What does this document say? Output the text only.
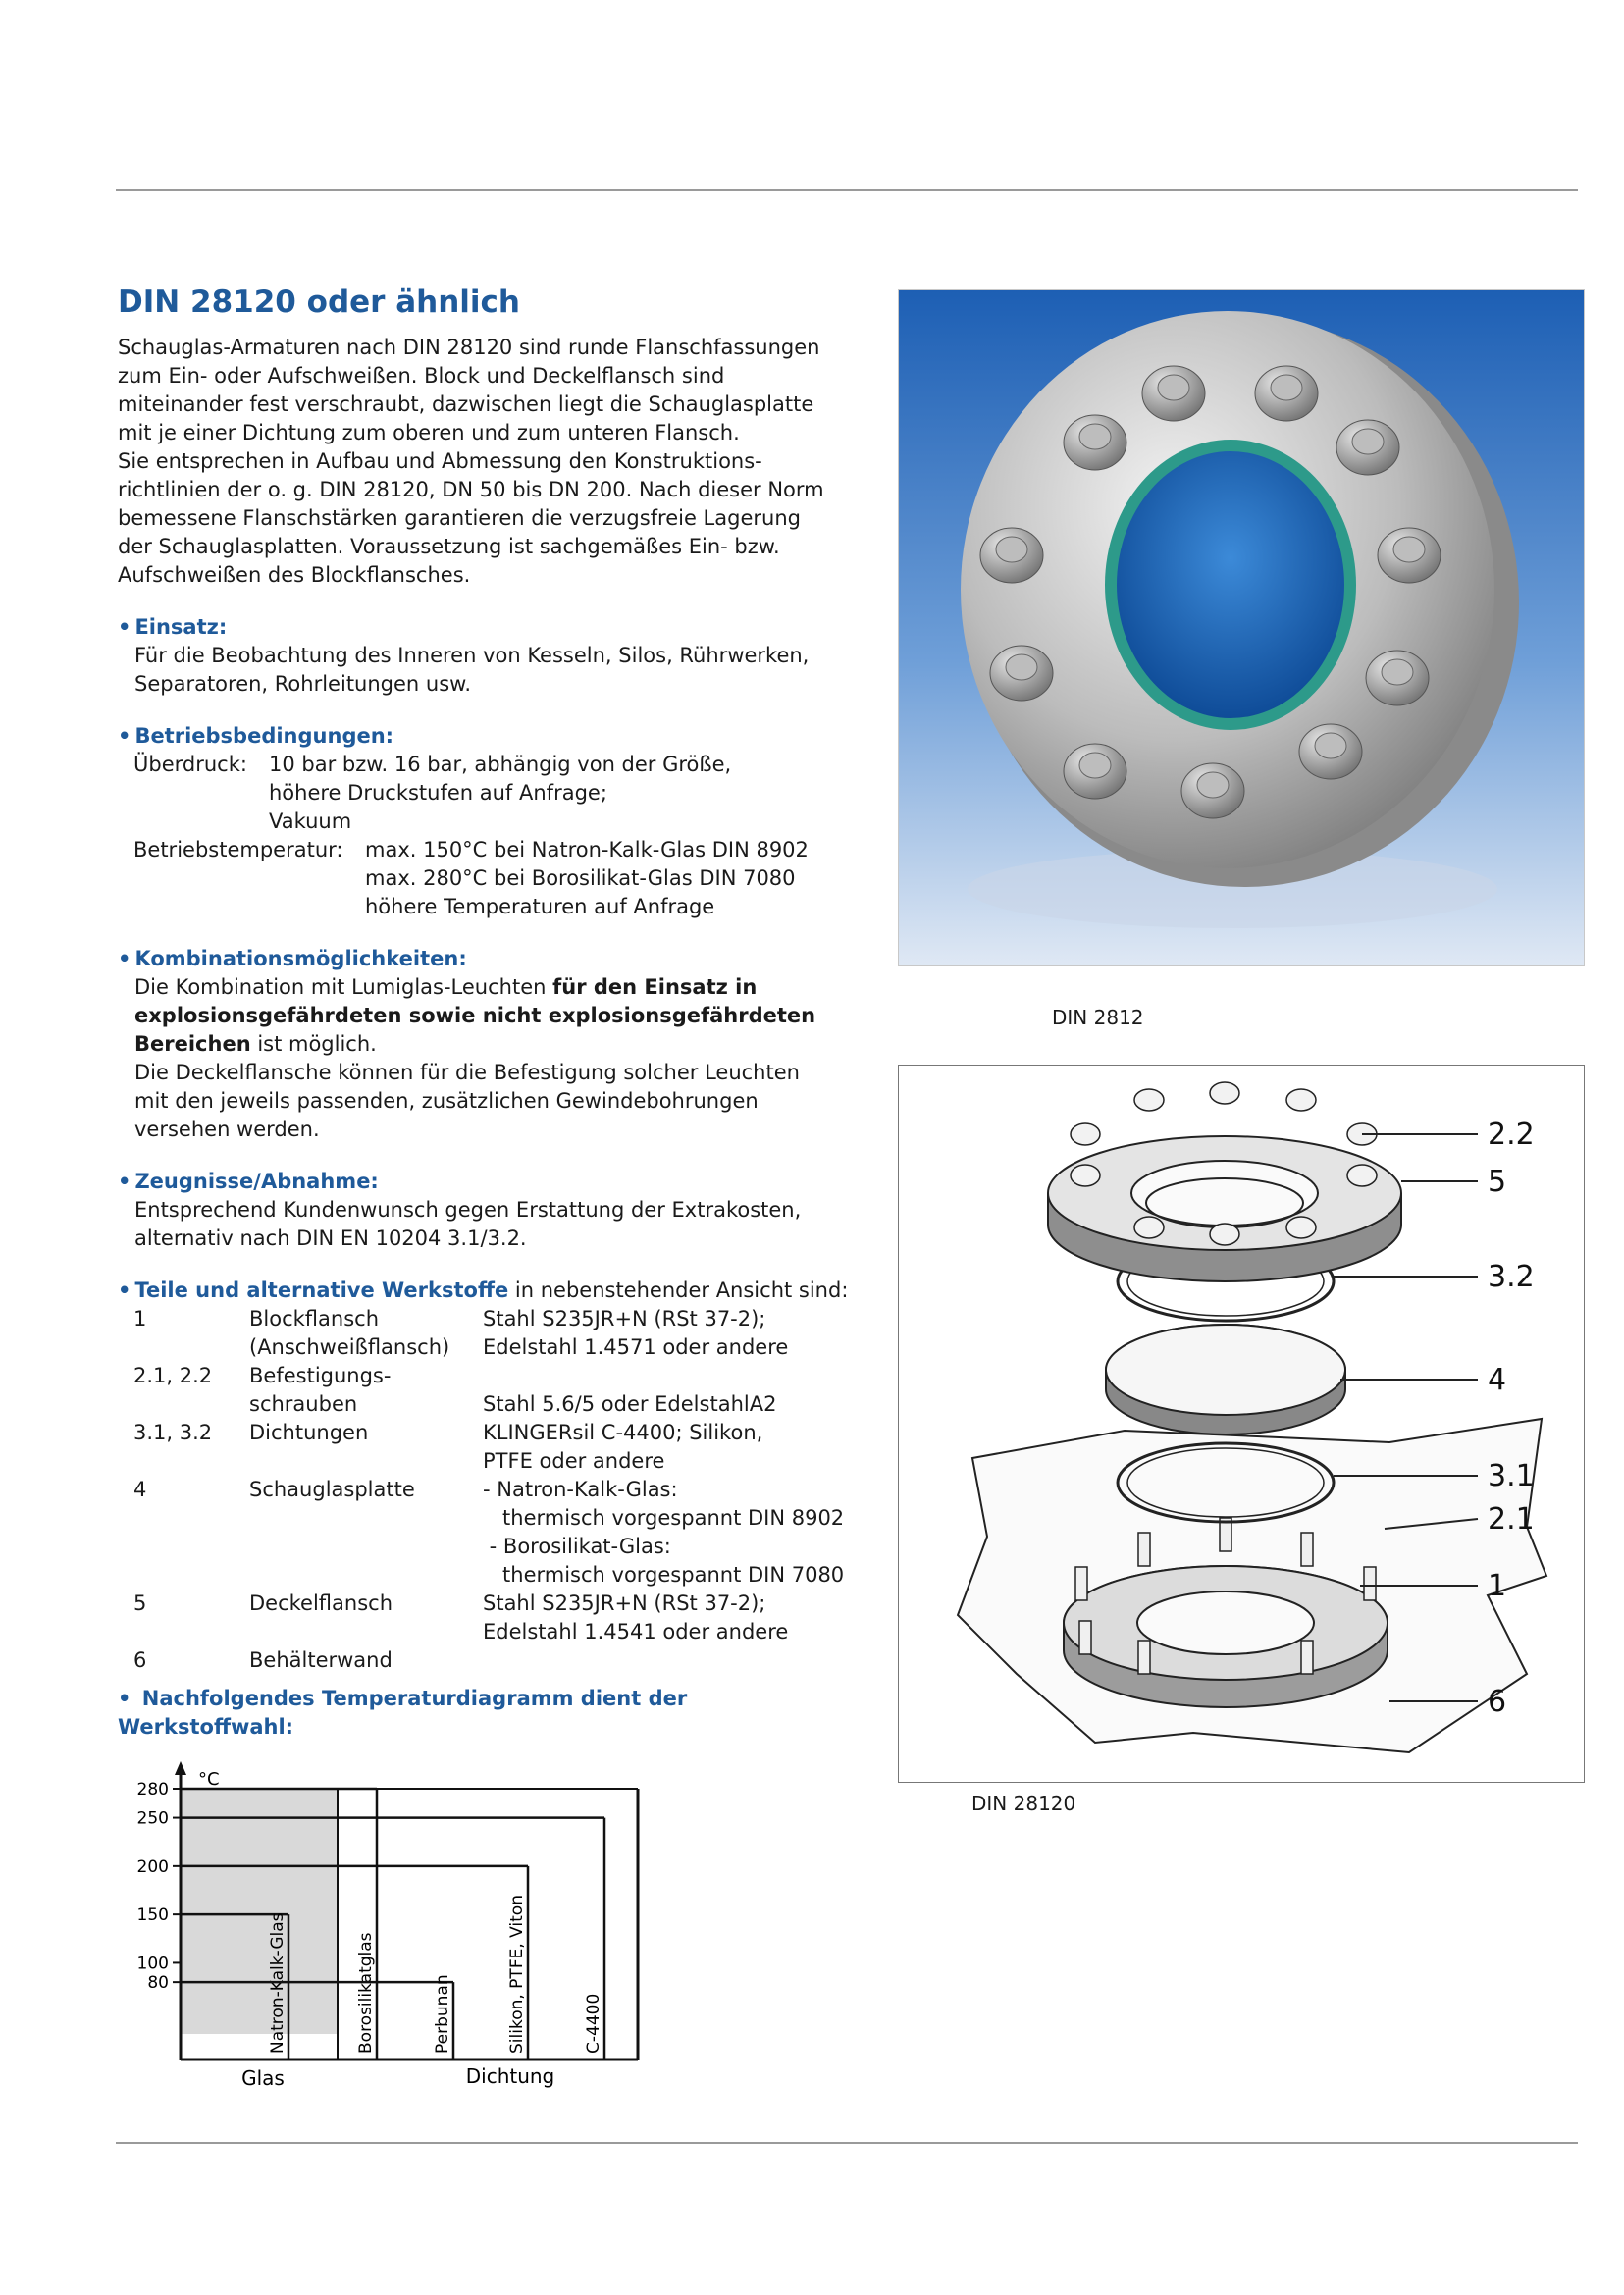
DIN 28120 oder ähnlich
Schauglas-Armaturen nach DIN 28120 sind runde Flanschfassungen
zum Ein- oder Aufschweißen. Block und Deckelflansch sind
miteinander fest verschraubt, dazwischen liegt die Schauglasplatte
mit je einer Dichtung zum oberen und zum unteren Flansch.
Sie entsprechen in Aufbau und Abmessung den Konstruktions-
richtlinien der o. g. DIN 28120, DN 50 bis DN 200. Nach dieser Norm
bemessene Flanschstärken garantieren die verzugsfreie Lagerung
der Schauglasplatten. Voraussetzung ist sachgemäßes Ein- bzw.
Aufschweißen des Blockflansches.
• Einsatz:
Für die Beobachtung des Inneren von Kesseln, Silos, Rührwerken,
Separatoren, Rohrleitungen usw.
• Betriebsbedingungen:
Überdruck:	10 bar bzw. 16 bar, abhängig von der Größe,
höhere Druckstufen auf Anfrage;
Vakuum
Betriebstemperatur:	max. 150°C bei Natron-Kalk-Glas DIN 8902
max. 280°C bei Borosilikat-Glas DIN 7080
höhere Temperaturen auf Anfrage
• Kombinationsmöglichkeiten:
Die Kombination mit Lumiglas-Leuchten für den Einsatz in
explosionsgefährdeten sowie nicht explosionsgefährdeten
Bereichen ist möglich.
Die Deckelflansche können für die Befestigung solcher Leuchten
mit den jeweils passenden, zusätzlichen Gewindebohrungen
versehen werden.
• Zeugnisse/Abnahme:
Entsprechend Kundenwunsch gegen Erstattung der Extrakosten,
alternativ nach DIN EN 10204 3.1/3.2.
• Teile und alternative Werkstoffe in nebenstehender Ansicht sind:
1	Blockflansch	Stahl S235JR+N (RSt 37-2);
(Anschweißflansch)	Edelstahl 1.4571 oder andere
2.1, 2.2	Befestigungs-
schrauben	Stahl 5.6/5 oder EdelstahlA2
3.1, 3.2	Dichtungen	KLINGERsil C-4400; Silikon,
PTFE oder andere
4	Schauglasplatte	- Natron-Kalk-Glas:
thermisch vorgespannt DIN 8902
- Borosilikat-Glas:
thermisch vorgespannt DIN 7080
5	Deckelflansch	Stahl S235JR+N (RSt 37-2);
Edelstahl 1.4541 oder andere
6	Behälterwand
• Nachfolgendes Temperaturdiagramm dient der Werkstoffwahl:
°C
280
250
200
150
100
80	Natron-Kalk-Glas	Borosilikatglas	Perbunan	Silikon, PTFE, Viton	C-4400
Glas	Dichtung
DIN 2812
2.2
5
3.2
4
3.1
2.1
1
6
DIN 28120
